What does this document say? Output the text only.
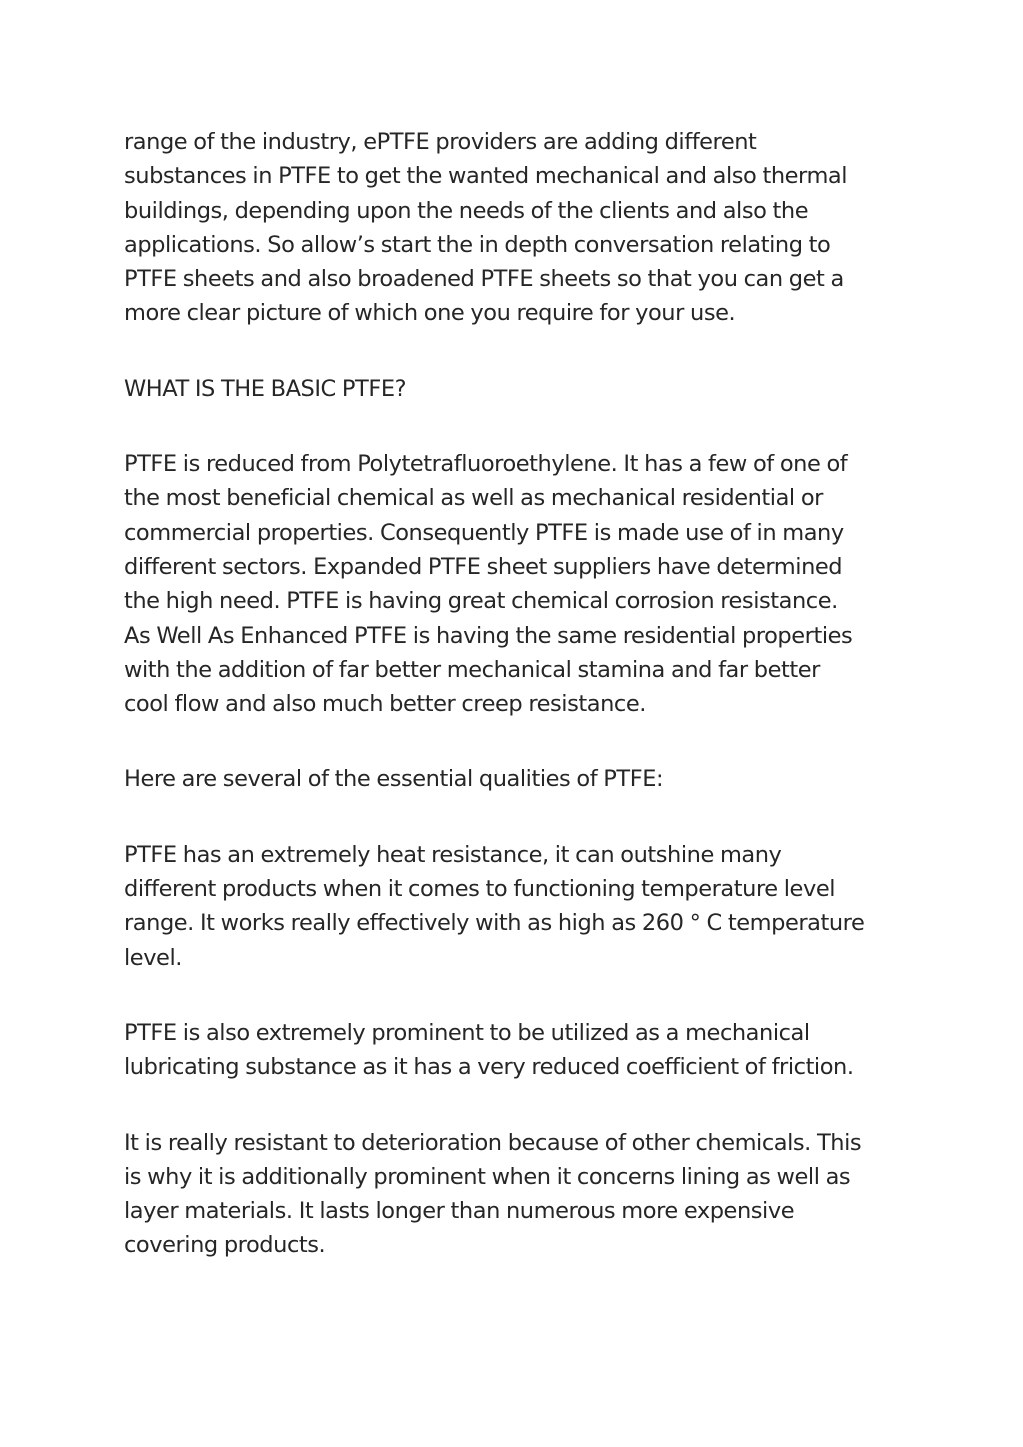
range of the industry, ePTFE providers are adding different

substances in PTFE to get the wanted mechanical and also thermal

buildings, depending upon the needs of the clients and also the

applications. So allow’s start the in depth conversation relating to

PTFE sheets and also broadened PTFE sheets so that you can get a

more clear picture of which one you require for your use.

WHAT IS THE BASIC PTFE?

PTFE is reduced from Polytetrafluoroethylene. It has a few of one of

the most beneficial chemical as well as mechanical residential or

commercial properties. Consequently PTFE is made use of in many

different sectors. Expanded PTFE sheet suppliers have determined

the high need. PTFE is having great chemical corrosion resistance.

As Well As Enhanced PTFE is having the same residential properties

with the addition of far better mechanical stamina and far better

cool flow and also much better creep resistance.

Here are several of the essential qualities of PTFE:

PTFE has an extremely heat resistance, it can outshine many

different products when it comes to functioning temperature level

range. It works really effectively with as high as 260 ° C temperature

level.

PTFE is also extremely prominent to be utilized as a mechanical

lubricating substance as it has a very reduced coefficient of friction.

It is really resistant to deterioration because of other chemicals. This

is why it is additionally prominent when it concerns lining as well as

layer materials. It lasts longer than numerous more expensive

covering products.
